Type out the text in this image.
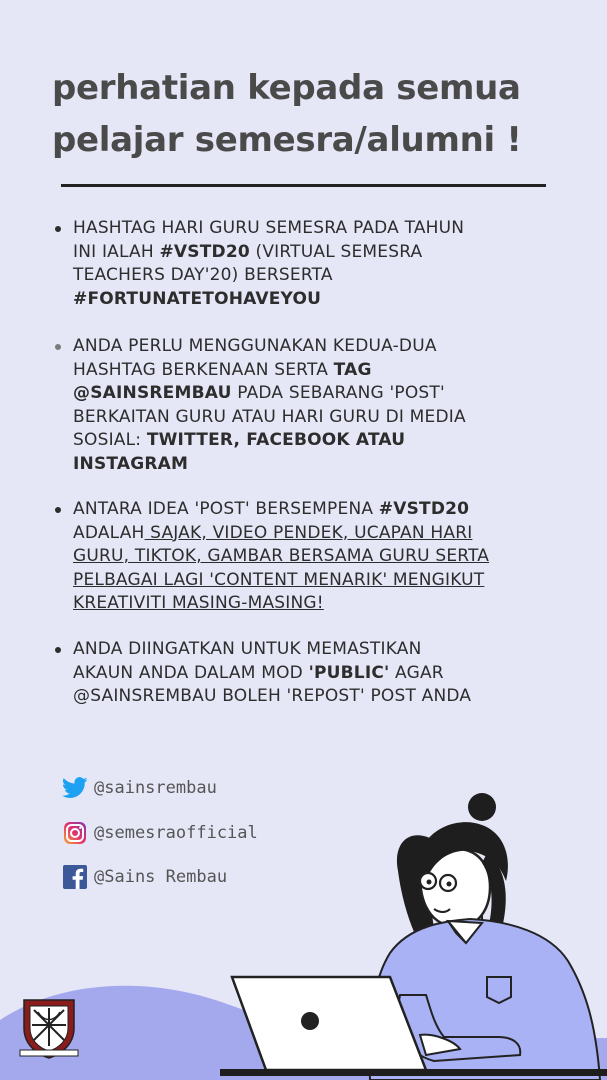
perhatian kepada semua
pelajar semesra/alumni !
HASHTAG HARI GURU SEMESRA PADA TAHUN
INI IALAH #VSTD20 (VIRTUAL SEMESRA
TEACHERS DAY'20) BERSERTA
#FORTUNATETOHAVEYOU
ANDA PERLU MENGGUNAKAN KEDUA-DUA
HASHTAG BERKENAAN SERTA TAG
@SAINSREMBAU PADA SEBARANG 'POST'
BERKAITAN GURU ATAU HARI GURU DI MEDIA
SOSIAL: TWITTER, FACEBOOK ATAU
INSTAGRAM
ANTARA IDEA 'POST' BERSEMPENA #VSTD20
ADALAH SAJAK, VIDEO PENDEK, UCAPAN HARI
GURU, TIKTOK, GAMBAR BERSAMA GURU SERTA
PELBAGAI LAGI 'CONTENT MENARIK' MENGIKUT
KREATIVITI MASING-MASING!
ANDA DIINGATKAN UNTUK MEMASTIKAN
AKAUN ANDA DALAM MOD 'PUBLIC' AGAR
@SAINSREMBAU BOLEH 'REPOST' POST ANDA
@sainsrembau
@semesraofficial
@Sains Rembau
